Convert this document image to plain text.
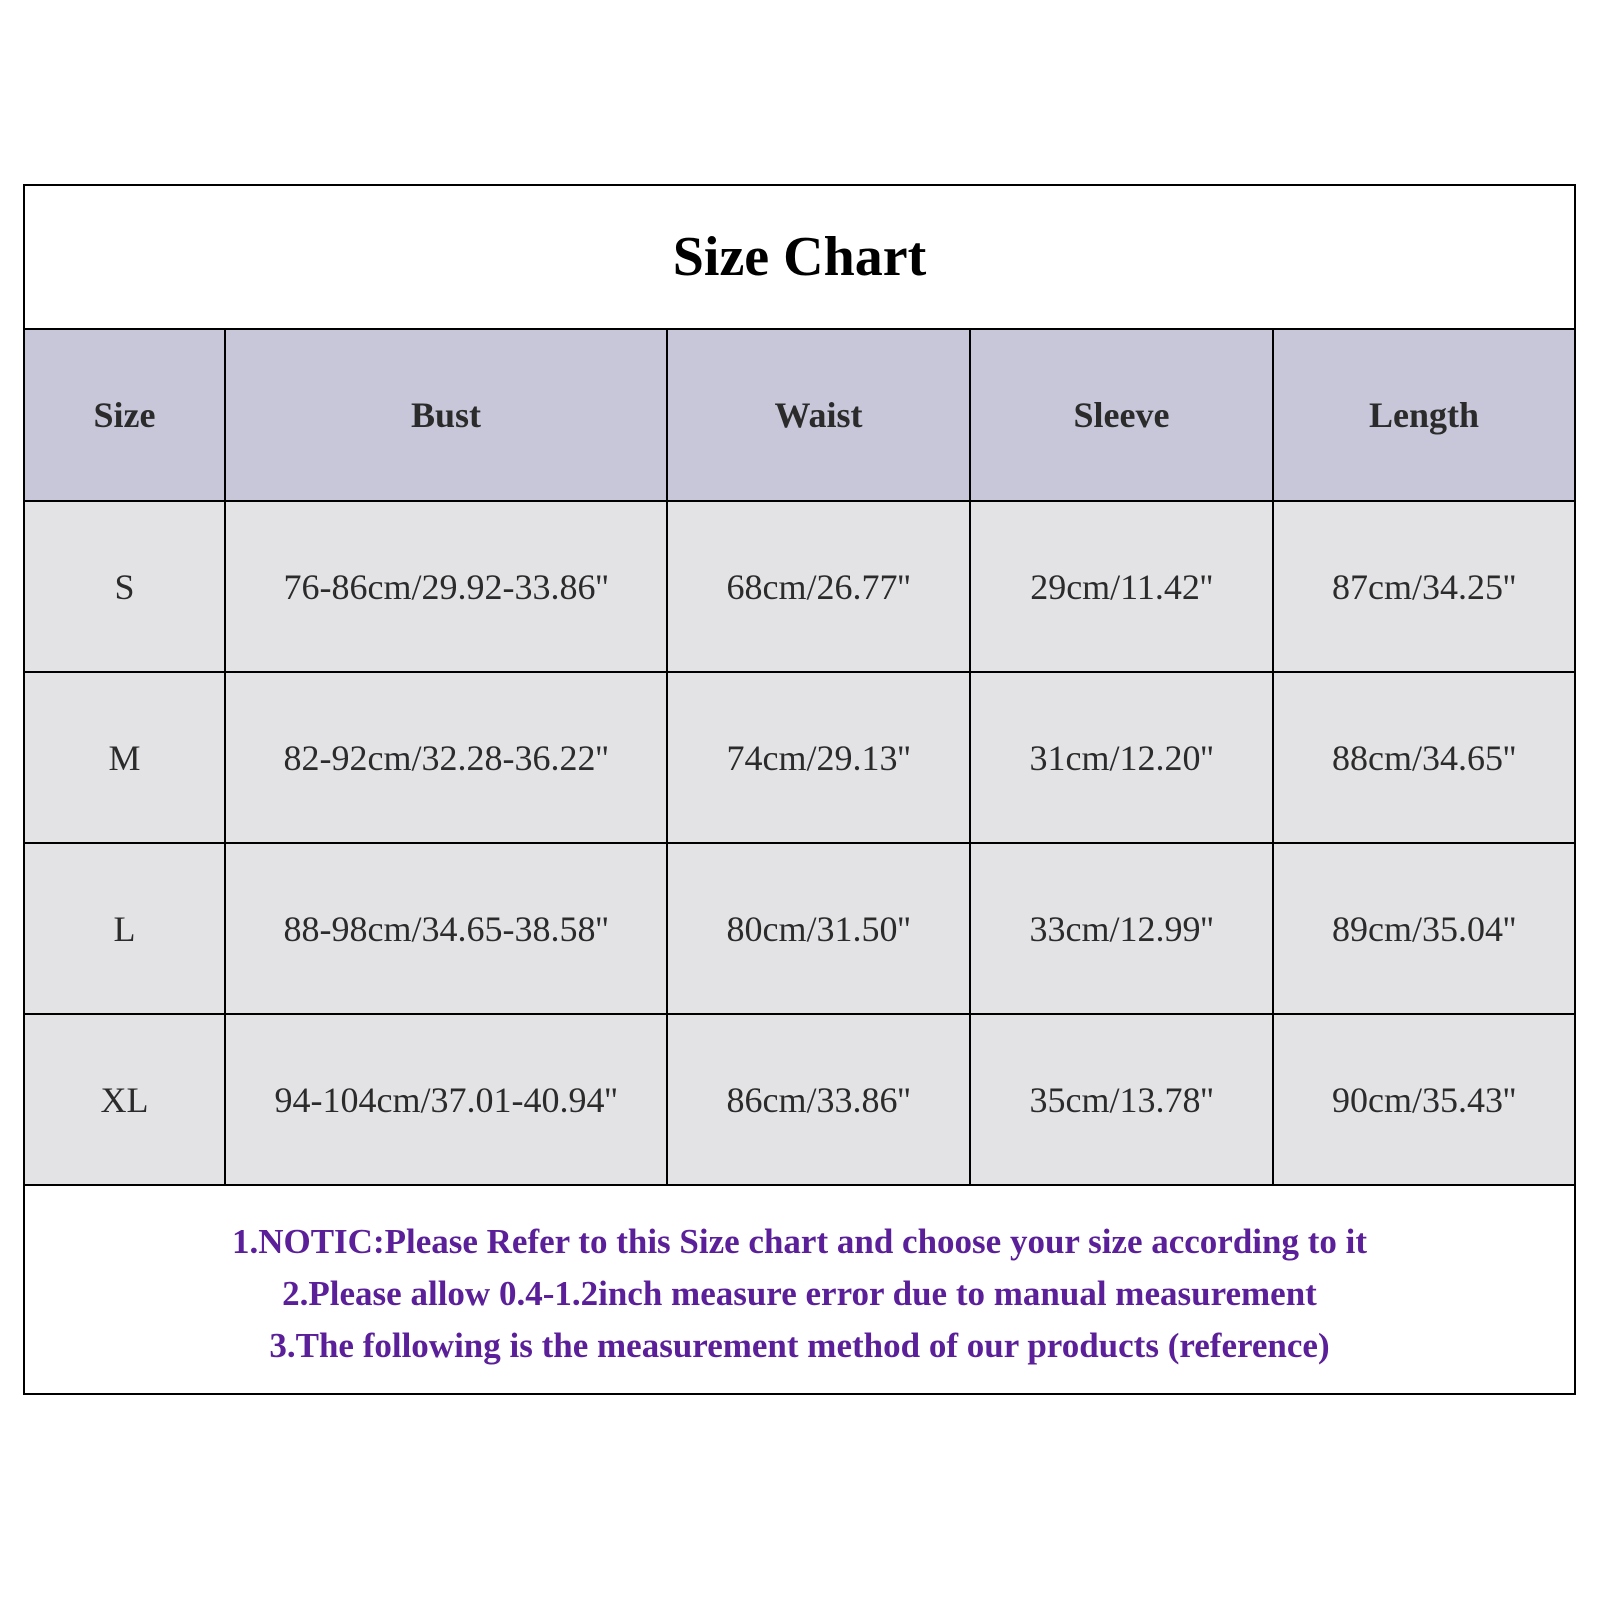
Size Chart
Size	Bust	Waist	Sleeve	Length
S	76-86cm/29.92-33.86''	68cm/26.77''	29cm/11.42''	87cm/34.25''
M	82-92cm/32.28-36.22''	74cm/29.13''	31cm/12.20''	88cm/34.65''
L	88-98cm/34.65-38.58''	80cm/31.50''	33cm/12.99''	89cm/35.04''
XL	94-104cm/37.01-40.94''	86cm/33.86''	35cm/13.78''	90cm/35.43''
1.NOTIC:Please Refer to this Size chart and choose your size according to it
2.Please allow 0.4-1.2inch measure error due to manual measurement
3.The following is the measurement method of our products (reference)
